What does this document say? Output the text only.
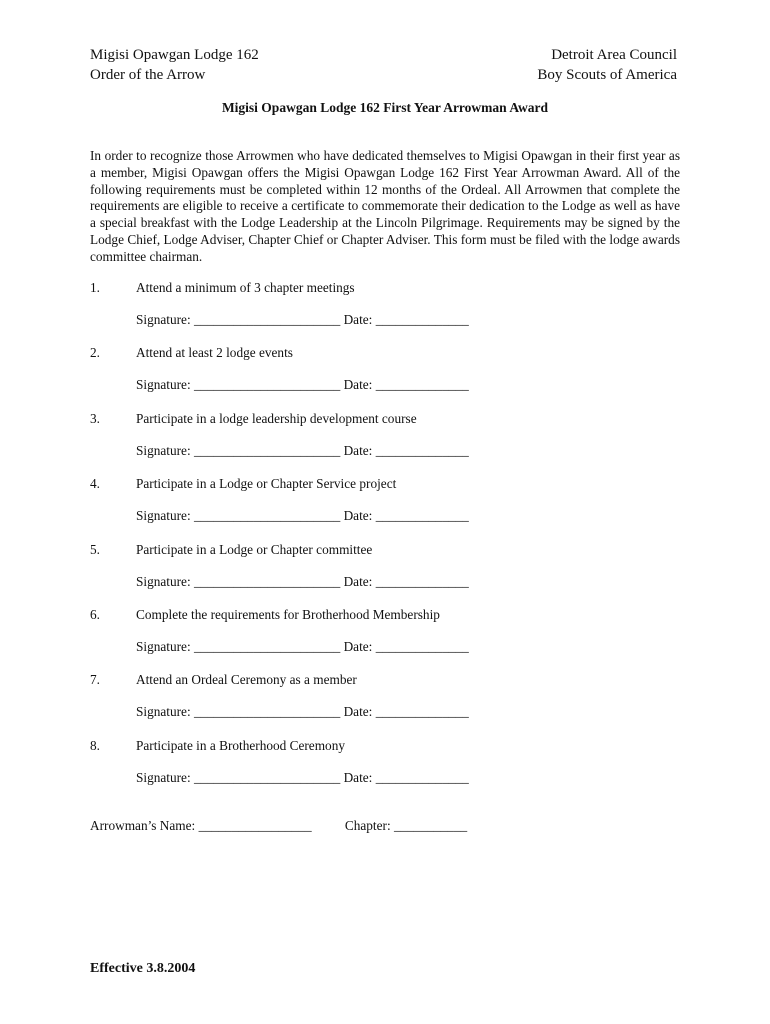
Migisi Opawgan Lodge 162
Order of the Arrow
Detroit Area Council
Boy Scouts of America
Migisi Opawgan Lodge 162 First Year Arrowman Award

In order to recognize those Arrowmen who have dedicated themselves to Migisi Opawgan in their first year as a member, Migisi Opawgan offers the Migisi Opawgan Lodge 162 First Year Arrowman Award. All of the following requirements must be completed within 12 months of the Ordeal. All Arrowmen that complete the requirements are eligible to receive a certificate to commemorate their dedication to the Lodge as well as have a special breakfast with the Lodge Leadership at the Lincoln Pilgrimage. Requirements may be signed by the Lodge Chief, Lodge Adviser, Chapter Chief or Chapter Adviser. This form must be filed with the lodge awards committee chairman.

1.	Attend a minimum of 3 chapter meetings
Signature: ______________________ Date: ______________
2.	Attend at least 2 lodge events
Signature: ______________________ Date: ______________
3.	Participate in a lodge leadership development course
Signature: ______________________ Date: ______________
4.	Participate in a Lodge or Chapter Service project
Signature: ______________________ Date: ______________
5.	Participate in a Lodge or Chapter committee
Signature: ______________________ Date: ______________
6.	Complete the requirements for Brotherhood Membership
Signature: ______________________ Date: ______________
7.	Attend an Ordeal Ceremony as a member
Signature: ______________________ Date: ______________
8.	Participate in a Brotherhood Ceremony
Signature: ______________________ Date: ______________
Arrowman’s Name: _________________	Chapter: ___________
Effective 3.8.2004
